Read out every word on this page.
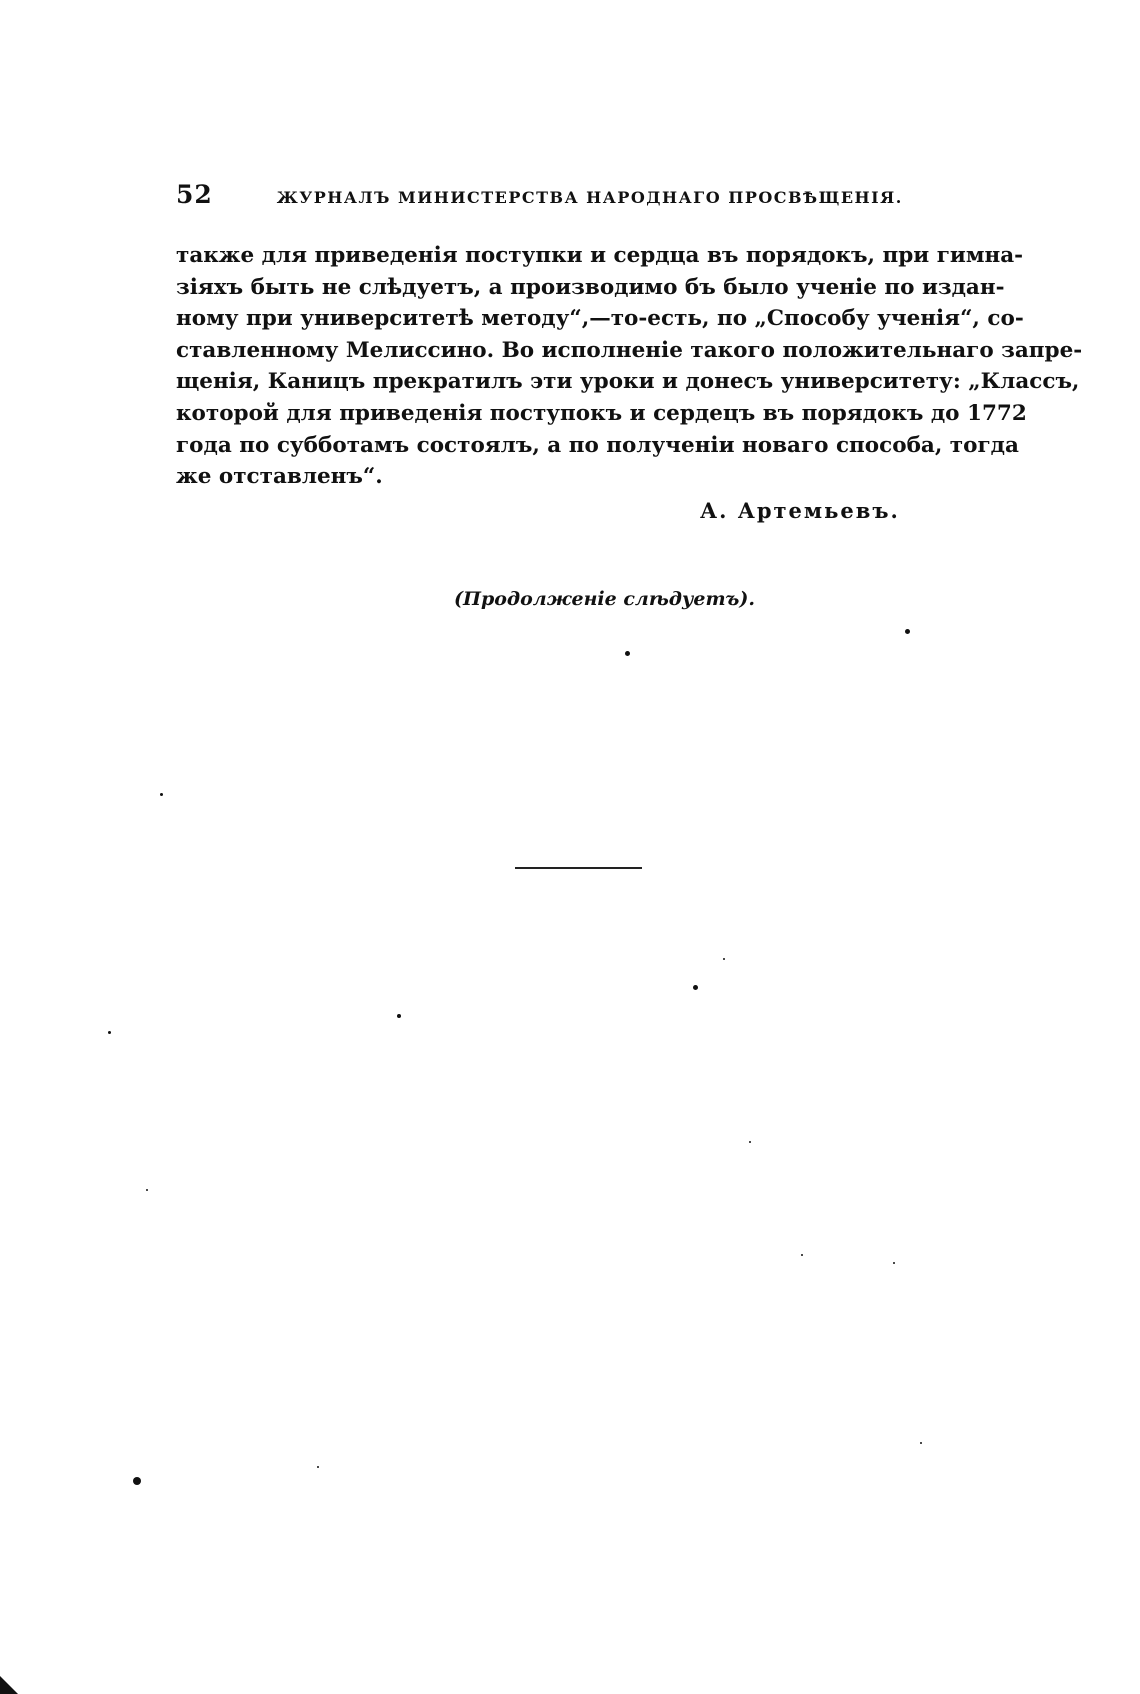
52	ЖУРНАЛЪ МИНИСТЕРСТВА НАРОДНАГО ПРОСВѢЩЕНІЯ.

также для приведенія поступки и сердца въ порядокъ, при гимна-
зіяхъ быть не слѣдуетъ, а производимо бъ было ученіе по издан-
ному при университетѣ методу“,—то-есть, по „Способу ученія“, со-
ставленному Мелиссино. Во исполненіе такого положительнаго запре-
щенія, Каницъ прекратилъ эти уроки и донесъ университету: „Классъ,
которой для приведенія поступокъ и сердецъ въ порядокъ до 1772
года по субботамъ состоялъ, а по полученіи новаго способа, тогда
же отставленъ“.

А. Артемьевъ.
(Продолженіе слѣдуетъ).
